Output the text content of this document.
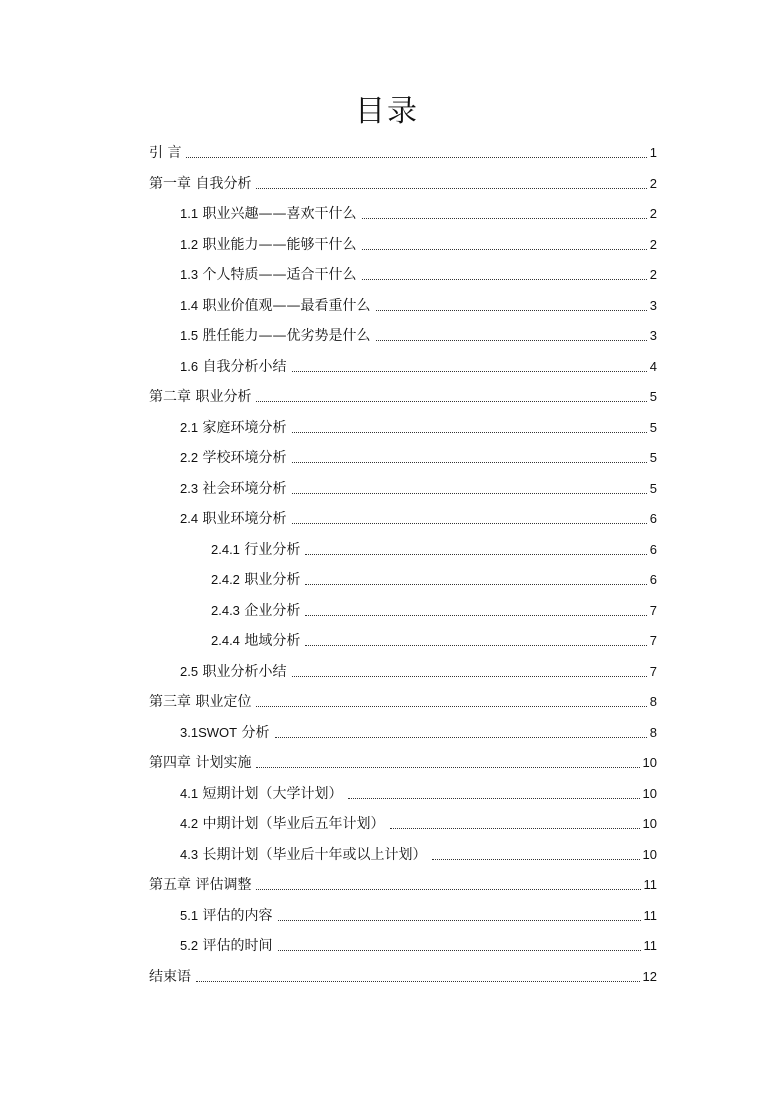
目录
引 言	1
第一章 自我分析	2
1.1 职业兴趣——喜欢干什么	2
1.2 职业能力——能够干什么	2
1.3 个人特质——适合干什么	2
1.4 职业价值观——最看重什么	3
1.5 胜任能力——优劣势是什么	3
1.6 自我分析小结	4
第二章 职业分析	5
2.1 家庭环境分析	5
2.2 学校环境分析	5
2.3 社会环境分析	5
2.4 职业环境分析	6
2.4.1 行业分析	6
2.4.2 职业分析	6
2.4.3 企业分析	7
2.4.4 地域分析	7
2.5 职业分析小结	7
第三章 职业定位	8
3.1SWOT 分析	8
第四章 计划实施	10
4.1 短期计划（大学计划）	10
4.2 中期计划（毕业后五年计划）	10
4.3 长期计划（毕业后十年或以上计划）	10
第五章 评估调整	11
5.1 评估的内容	11
5.2 评估的时间	11
结束语	12
